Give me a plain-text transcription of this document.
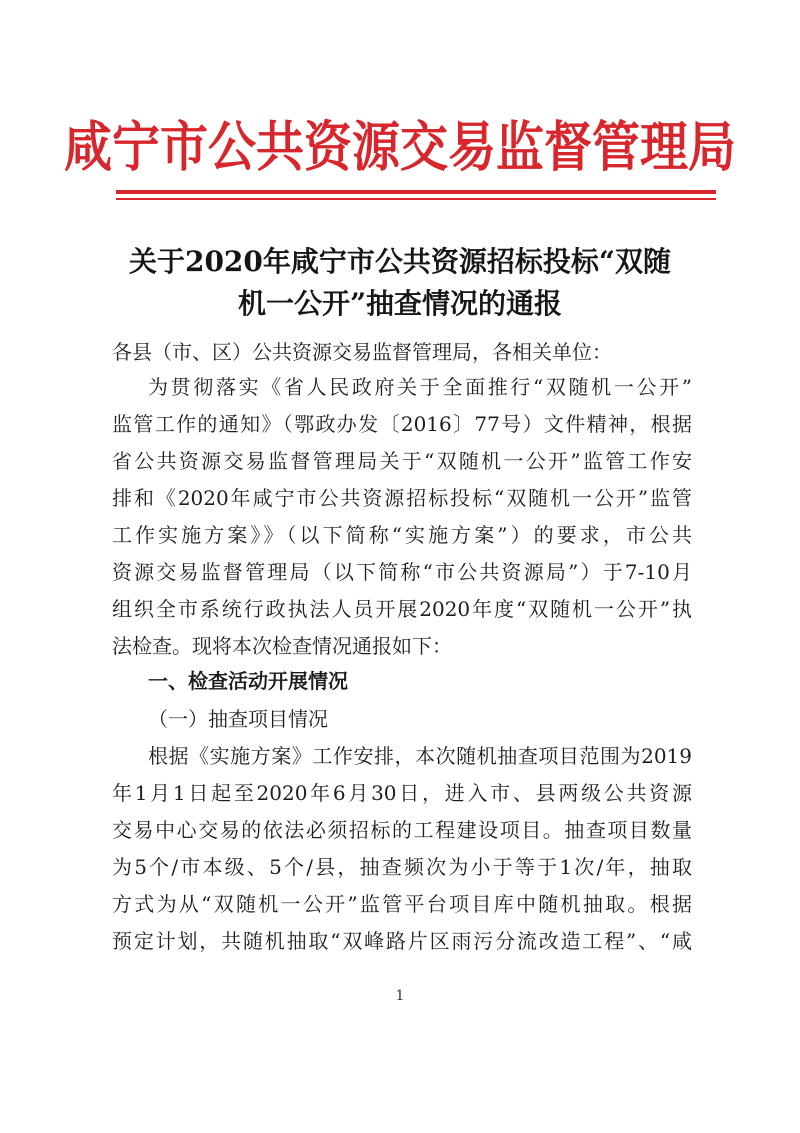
咸宁市公共资源交易监督管理局
关于2020年咸宁市公共资源招标投标“双随
机一公开”抽查情况的通报
各县（市、区）公共资源交易监督管理局，各相关单位：
为贯彻落实《省人民政府关于全面推行“双随机一公开”
监管工作的通知》（鄂政办发〔2016〕77号）文件精神，根据
省公共资源交易监督管理局关于“双随机一公开”监管工作安
排和《2020年咸宁市公共资源招标投标“双随机一公开”监管
工作实施方案》》（以下简称“实施方案”）的要求，市公共
资源交易监督管理局（以下简称“市公共资源局”）于7-10月
组织全市系统行政执法人员开展2020年度“双随机一公开”执
法检查。现将本次检查情况通报如下：
一、检查活动开展情况
（一）抽查项目情况
根据《实施方案》工作安排，本次随机抽查项目范围为2019
年1月1日起至2020年6月30日，进入市、县两级公共资源
交易中心交易的依法必须招标的工程建设项目。抽查项目数量
为5个/市本级、5个/县，抽查频次为小于等于1次/年，抽取
方式为从“双随机一公开”监管平台项目库中随机抽取。根据
预定计划，共随机抽取“双峰路片区雨污分流改造工程”、“咸
1
